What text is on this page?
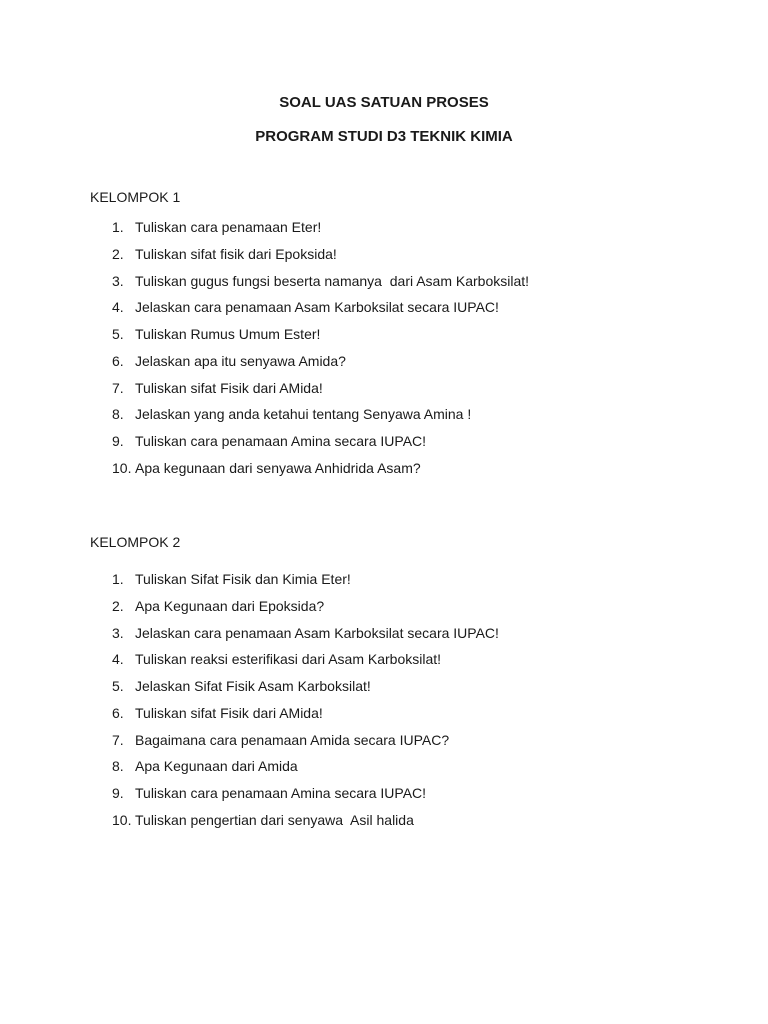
SOAL UAS SATUAN PROSES
PROGRAM STUDI D3 TEKNIK KIMIA
KELOMPOK 1
1. Tuliskan cara penamaan Eter!
2. Tuliskan sifat fisik dari Epoksida!
3. Tuliskan gugus fungsi beserta namanya  dari Asam Karboksilat!
4. Jelaskan cara penamaan Asam Karboksilat secara IUPAC!
5. Tuliskan Rumus Umum Ester!
6. Jelaskan apa itu senyawa Amida?
7. Tuliskan sifat Fisik dari AMida!
8. Jelaskan yang anda ketahui tentang Senyawa Amina !
9. Tuliskan cara penamaan Amina secara IUPAC!
10. Apa kegunaan dari senyawa Anhidrida Asam?
KELOMPOK 2
1. Tuliskan Sifat Fisik dan Kimia Eter!
2. Apa Kegunaan dari Epoksida?
3. Jelaskan cara penamaan Asam Karboksilat secara IUPAC!
4. Tuliskan reaksi esterifikasi dari Asam Karboksilat!
5. Jelaskan Sifat Fisik Asam Karboksilat!
6. Tuliskan sifat Fisik dari AMida!
7. Bagaimana cara penamaan Amida secara IUPAC?
8. Apa Kegunaan dari Amida
9. Tuliskan cara penamaan Amina secara IUPAC!
10. Tuliskan pengertian dari senyawa  Asil halida
